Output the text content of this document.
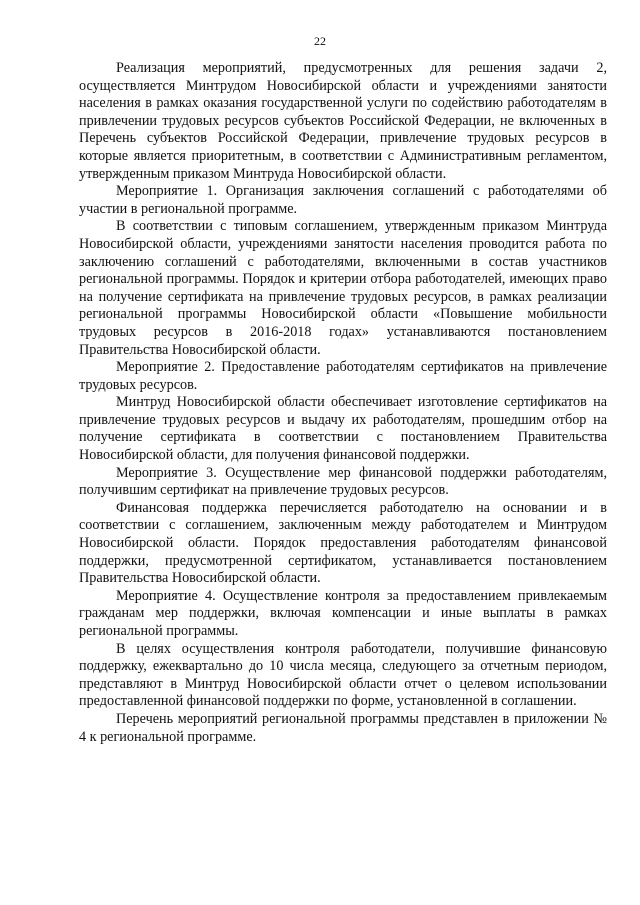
22

Реализация мероприятий, предусмотренных для решения задачи 2, осуществляется Минтрудом Новосибирской области и учреждениями занятости населения в рамках оказания государственной услуги по содействию работодателям в привлечении трудовых ресурсов субъектов Российской Федерации, не включенных в Перечень субъектов Российской Федерации, привлечение трудовых ресурсов в которые является приоритетным, в соответствии с Административным регламентом, утвержденным приказом Минтруда Новосибирской области.

Мероприятие 1. Организация заключения соглашений с работодателями об участии в региональной программе.

В соответствии с типовым соглашением, утвержденным приказом Минтруда Новосибирской области, учреждениями занятости населения проводится работа по заключению соглашений с работодателями, включенными в состав участников региональной программы. Порядок и критерии отбора работодателей, имеющих право на получение сертификата на привлечение трудовых ресурсов, в рамках реализации региональной программы Новосибирской области «Повышение мобильности трудовых ресурсов в 2016-2018 годах» устанавливаются постановлением Правительства Новосибирской области.

Мероприятие 2. Предоставление работодателям сертификатов на привлечение трудовых ресурсов.

Минтруд Новосибирской области обеспечивает изготовление сертификатов на привлечение трудовых ресурсов и выдачу их работодателям, прошедшим отбор на получение сертификата в соответствии с постановлением Правительства Новосибирской области, для получения финансовой поддержки.

Мероприятие 3. Осуществление мер финансовой поддержки работодателям, получившим сертификат на привлечение трудовых ресурсов.

Финансовая поддержка перечисляется работодателю на основании и в соответствии с соглашением, заключенным между работодателем и Минтрудом Новосибирской области. Порядок предоставления работодателям финансовой поддержки, предусмотренной сертификатом, устанавливается постановлением Правительства Новосибирской области.

Мероприятие 4. Осуществление контроля за предоставлением привлекаемым гражданам мер поддержки, включая компенсации и иные выплаты в рамках региональной программы.

В целях осуществления контроля работодатели, получившие финансовую поддержку, ежеквартально до 10 числа месяца, следующего за отчетным периодом, представляют в Минтруд Новосибирской области отчет о целевом использовании предоставленной финансовой поддержки по форме, установленной в соглашении.

Перечень мероприятий региональной программы представлен в приложении № 4 к региональной программе.
